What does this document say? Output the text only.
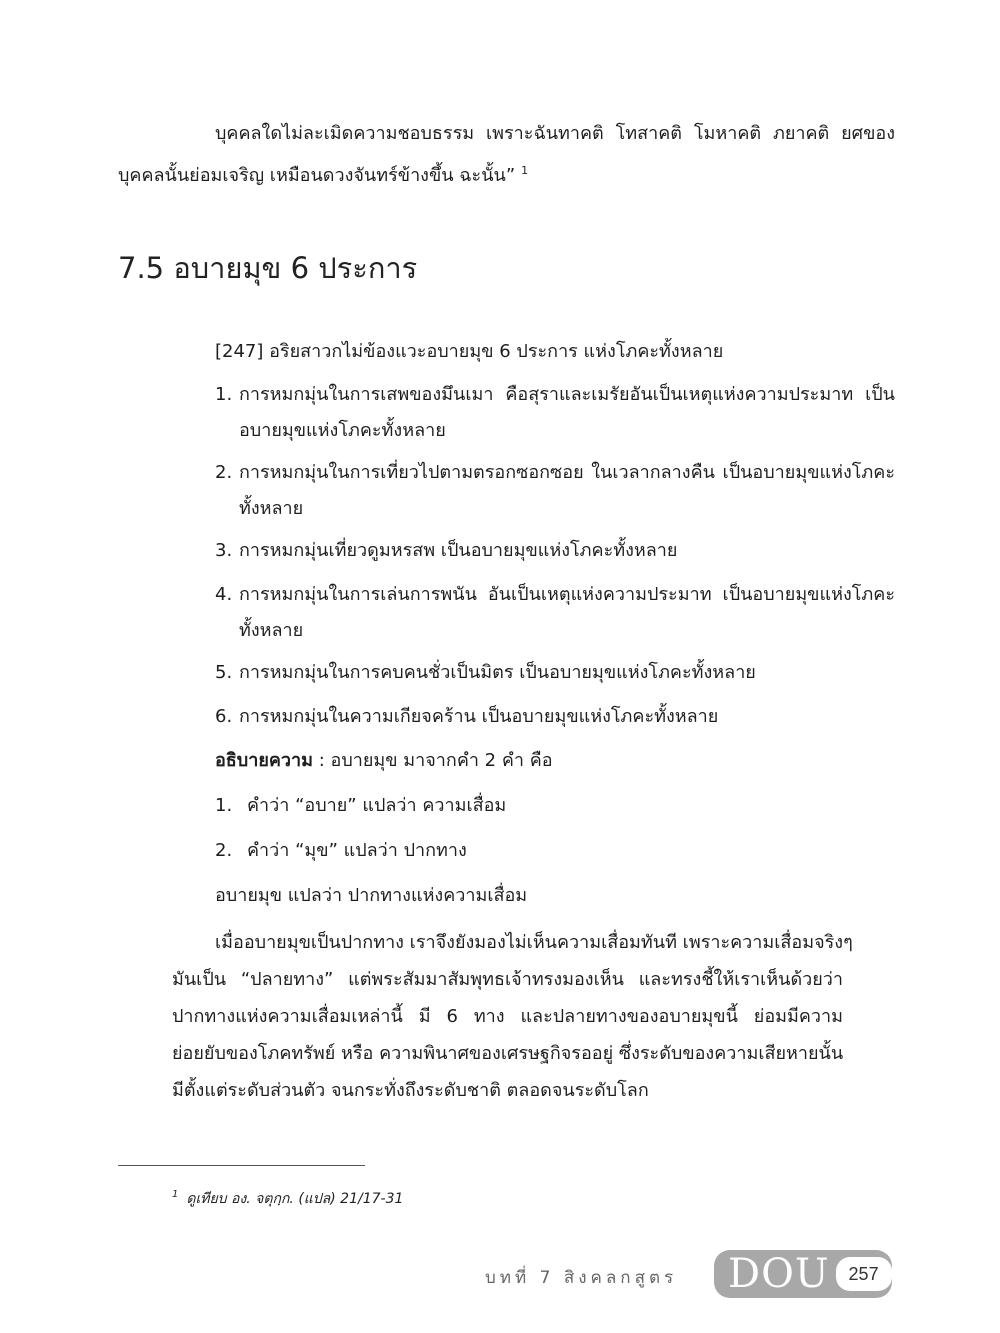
บุคคลใดไม่ละเมิดความชอบธรรม เพราะฉันทาคติ โทสาคติ โมหาคติ ภยาคติ ยศของ
บุคคลนั้นย่อมเจริญ เหมือนดวงจันทร์ข้างขึ้น ฉะนั้น” $^1$
7.5 อบายมุข 6 ประการ
[247] อริยสาวกไม่ข้องแวะอบายมุข 6 ประการ แห่งโภคะทั้งหลาย
1. การหมกมุ่นในการเสพของมึนเมา คือสุราและเมรัยอันเป็นเหตุแห่งความประมาท เป็น
อบายมุขแห่งโภคะทั้งหลาย
2. การหมกมุ่นในการเที่ยวไปตามตรอกซอกซอย ในเวลากลางคืน เป็นอบายมุขแห่งโภคะ
ทั้งหลาย
3. การหมกมุ่นเที่ยวดูมหรสพ เป็นอบายมุขแห่งโภคะทั้งหลาย
4. การหมกมุ่นในการเล่นการพนัน อันเป็นเหตุแห่งความประมาท เป็นอบายมุขแห่งโภคะ
ทั้งหลาย
5. การหมกมุ่นในการคบคนชั่วเป็นมิตร เป็นอบายมุขแห่งโภคะทั้งหลาย
6. การหมกมุ่นในความเกียจคร้าน เป็นอบายมุขแห่งโภคะทั้งหลาย
อธิบายความ : อบายมุข มาจากคำ 2 คำ คือ
1. คำว่า “อบาย” แปลว่า ความเสื่อม
2. คำว่า “มุข” แปลว่า ปากทาง
อบายมุข แปลว่า ปากทางแห่งความเสื่อม
เมื่ออบายมุขเป็นปากทาง เราจึงยังมองไม่เห็นความเสื่อมทันที เพราะความเสื่อมจริงๆ
มันเป็น “ปลายทาง” แต่พระสัมมาสัมพุทธเจ้าทรงมองเห็น และทรงชี้ให้เราเห็นด้วยว่า
ปากทางแห่งความเสื่อมเหล่านี้ มี 6 ทาง และปลายทางของอบายมุขนี้ ย่อมมีความ
ย่อยยับของโภคทรัพย์ หรือ ความพินาศของเศรษฐกิจรออยู่ ซึ่งระดับของความเสียหายนั้น
มีตั้งแต่ระดับส่วนตัว จนกระทั่งถึงระดับชาติ ตลอดจนระดับโลก
$^1$ ดูเทียบ อง. จตุกฺก. (แปล) 21/17-31
บทที่ 7 สิงคลกสูตร DOU	257
